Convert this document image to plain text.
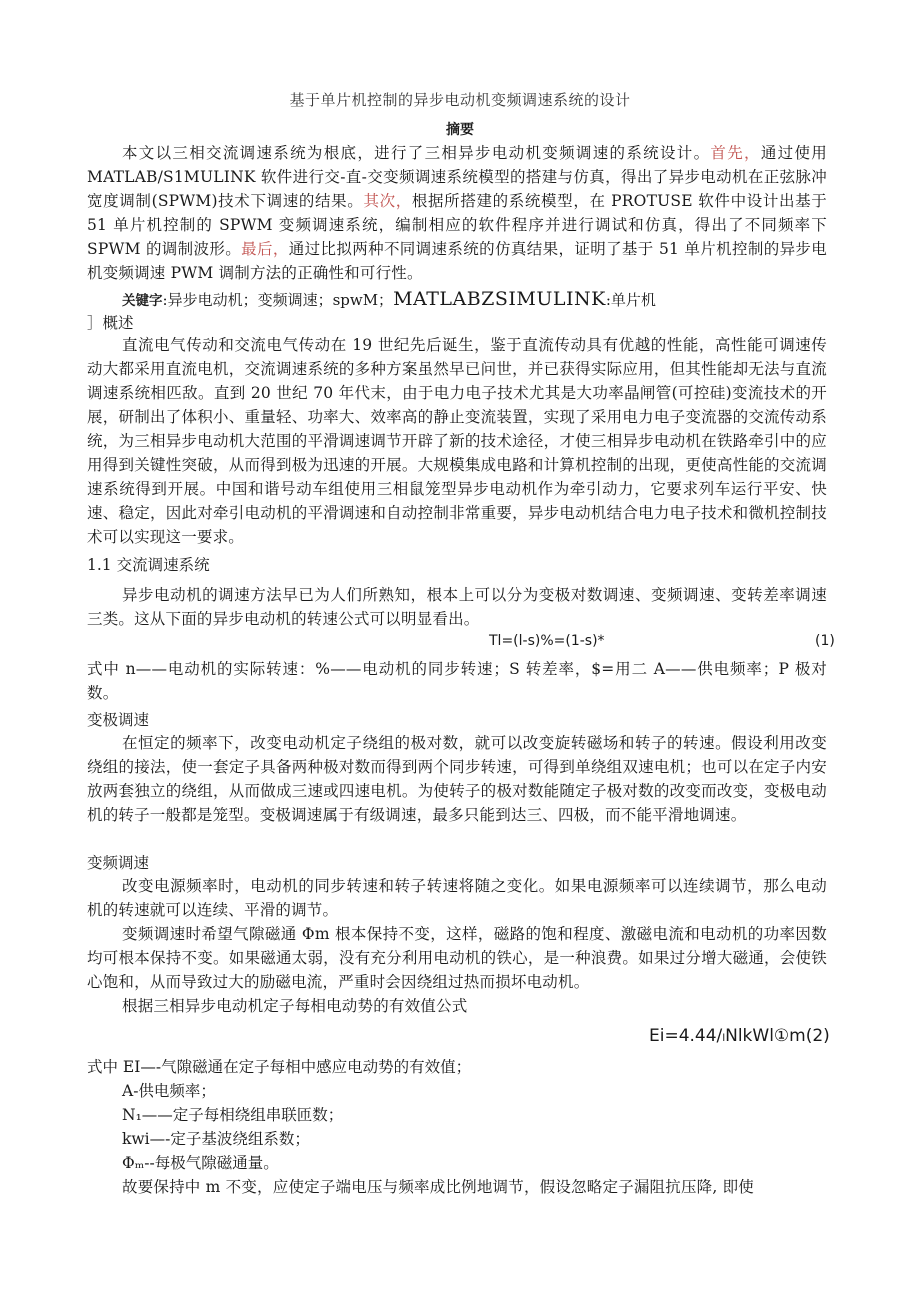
基于单片机控制的异步电动机变频调速系统的设计
摘要
本文以三相交流调速系统为根底，进行了三相异步电动机变频调速的系统设计。首先，通过使用 MATLAB/S1MULINK 软件进行交-直-交变频调速系统模型的搭建与仿真，得出了异步电动机在正弦脉冲宽度调制(SPWM)技术下调速的结果。其次，根据所搭建的系统模型，在 PROTUSE 软件中设计出基于 51 单片机控制的 SPWM 变频调速系统，编制相应的软件程序并进行调试和仿真，得出了不同频率下 SPWM 的调制波形。最后，通过比拟两种不同调速系统的仿真结果，证明了基于 51 单片机控制的异步电机变频调速 PWM 调制方法的正确性和可行性。
关键字:异步电动机；变频调速；spwM；MATLABZSIMULINK:单片机
］概述
直流电气传动和交流电气传动在 19 世纪先后诞生，鉴于直流传动具有优越的性能，高性能可调速传动大都采用直流电机，交流调速系统的多种方案虽然早已问世，并已获得实际应用，但其性能却无法与直流调速系统相匹敌。直到 20 世纪 70 年代末，由于电力电子技术尤其是大功率晶闸管(可控硅)变流技术的开展，研制出了体积小、重量轻、功率大、效率高的静止变流装置，实现了采用电力电子变流器的交流传动系统，为三相异步电动机大范围的平滑调速调节开辟了新的技术途径，才使三相异步电动机在铁路牵引中的应用得到关键性突破，从而得到极为迅速的开展。大规模集成电路和计算机控制的出现，更使高性能的交流调速系统得到开展。中国和谐号动车组使用三相鼠笼型异步电动机作为牵引动力，它要求列车运行平安、快速、稳定，因此对牵引电动机的平滑调速和自动控制非常重要，异步电动机结合电力电子技术和微机控制技术可以实现这一要求。
1.1 交流调速系统
异步电动机的调速方法早已为人们所熟知，根本上可以分为变极对数调速、变频调速、变转差率调速三类。这从下面的异步电动机的转速公式可以明显看出。
Tl=(l-s)%=(1-s)*	(1)
式中 n——电动机的实际转速：%——电动机的同步转速；S 转差率，$=用二 A——供电频率；P 极对数。
变极调速
在恒定的频率下，改变电动机定子绕组的极对数，就可以改变旋转磁场和转子的转速。假设利用改变绕组的接法，使一套定子具备两种极对数而得到两个同步转速，可得到单绕组双速电机；也可以在定子内安放两套独立的绕组，从而做成三速或四速电机。为使转子的极对数能随定子极对数的改变而改变，变极电动机的转子一般都是笼型。变极调速属于有级调速，最多只能到达三、四极，而不能平滑地调速。
变频调速
改变电源频率时，电动机的同步转速和转子转速将随之变化。如果电源频率可以连续调节，那么电动机的转速就可以连续、平滑的调节。
变频调速时希望气隙磁通 Φm 根本保持不变，这样，磁路的饱和程度、激磁电流和电动机的功率因数均可根本保持不变。如果磁通太弱，没有充分利用电动机的铁心，是一种浪费。如果过分增大磁通，会使铁心饱和，从而导致过大的励磁电流，严重时会因绕组过热而损坏电动机。
根据三相异步电动机定子每相电动势的有效值公式
Ei=4.44/ₗNlkWl①m(2)
式中 EI—-气隙磁通在定子每相中感应电动势的有效值；
A-供电频率；
N₁——定子每相绕组串联匝数；
kwi—-定子基波绕组系数；
Φₘ--每极气隙磁通量。
故要保持中 m 不变，应使定子端电压与频率成比例地调节，假设忽略定子漏阻抗压降, 即使
